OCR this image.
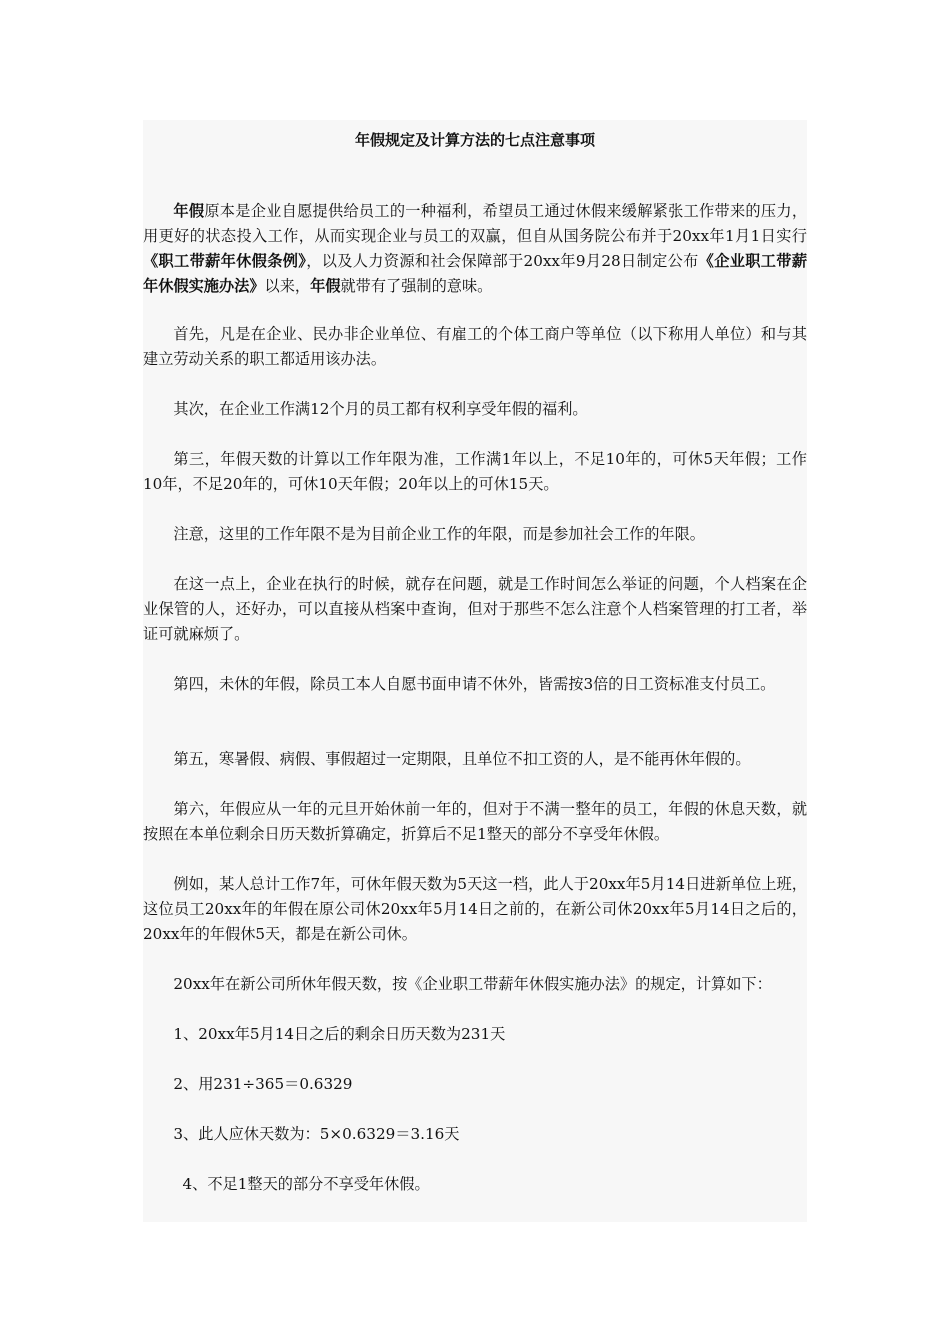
年假规定及计算方法的七点注意事项

年假原本是企业自愿提供给员工的一种福利，希望员工通过休假来缓解紧张工作带来的压力，用更好的状态投入工作，从而实现企业与员工的双赢，但自从国务院公布并于20xx年1月1日实行《职工带薪年休假条例》，以及人力资源和社会保障部于20xx年9月28日制定公布《企业职工带薪年休假实施办法》以来，年假就带有了强制的意味。

首先，凡是在企业、民办非企业单位、有雇工的个体工商户等单位（以下称用人单位）和与其建立劳动关系的职工都适用该办法。

其次，在企业工作满12个月的员工都有权利享受年假的福利。

第三，年假天数的计算以工作年限为准，工作满1年以上，不足10年的，可休5天年假；工作10年，不足20年的，可休10天年假；20年以上的可休15天。

注意，这里的工作年限不是为目前企业工作的年限，而是参加社会工作的年限。

在这一点上，企业在执行的时候，就存在问题，就是工作时间怎么举证的问题，个人档案在企业保管的人，还好办，可以直接从档案中查询，但对于那些不怎么注意个人档案管理的打工者，举证可就麻烦了。

第四，未休的年假，除员工本人自愿书面申请不休外，皆需按3倍的日工资标准支付员工。

第五，寒暑假、病假、事假超过一定期限，且单位不扣工资的人，是不能再休年假的。

第六，年假应从一年的元旦开始休前一年的，但对于不满一整年的员工，年假的休息天数，就按照在本单位剩余日历天数折算确定，折算后不足1整天的部分不享受年休假。

例如，某人总计工作7年，可休年假天数为5天这一档，此人于20xx年5月14日进新单位上班，这位员工20xx年的年假在原公司休20xx年5月14日之前的，在新公司休20xx年5月14日之后的，20xx年的年假休5天，都是在新公司休。

20xx年在新公司所休年假天数，按《企业职工带薪年休假实施办法》的规定，计算如下：

1、20xx年5月14日之后的剩余日历天数为231天

2、用231÷365＝0.6329

3、此人应休天数为：5×0.6329＝3.16天

4、不足1整天的部分不享受年休假。
